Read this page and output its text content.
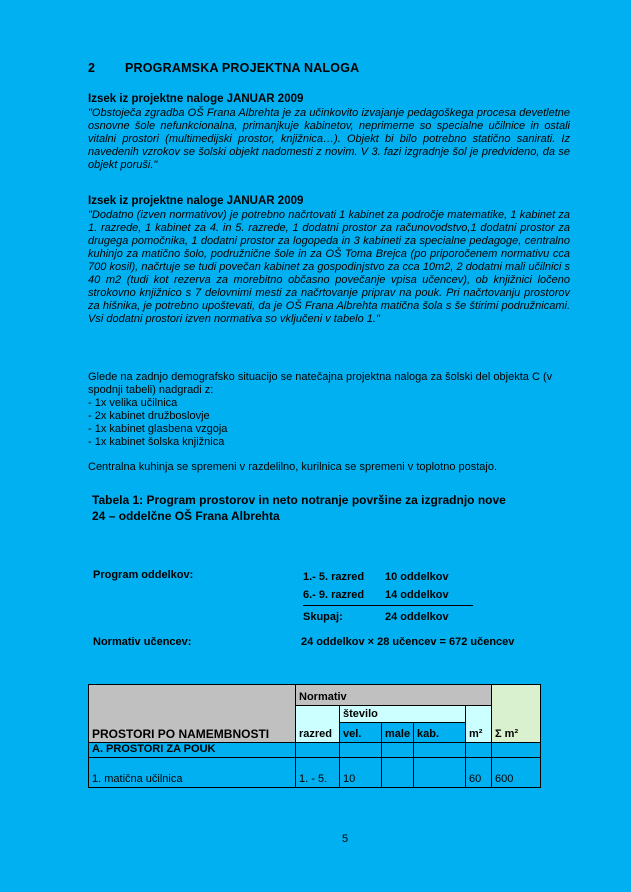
2 PROGRAMSKA PROJEKTNA NALOGA
Izsek iz projektne naloge JANUAR 2009
"Obstoječa zgradba OŠ Frana Albrehta je za učinkovito izvajanje pedagoškega procesa devetletne osnovne šole nefunkcionalna, primanjkuje kabinetov, neprimerne so specialne učilnice in ostali vitalni prostori (multimedijski prostor, knjižnica…). Objekt bi bilo potrebno statično sanirati. Iz navedenih vzrokov se šolski objekt nadomesti z novim. V 3. fazi izgradnje šol je predvideno, da se objekt poruši."
Izsek iz projektne naloge JANUAR 2009
"Dodatno (izven normativov) je potrebno načrtovati 1 kabinet za področje matematike, 1 kabinet za 1. razrede, 1 kabinet za 4. in 5. razrede, 1 dodatni prostor za računovodstvo,1 dodatni prostor za drugega pomočnika, 1 dodatni prostor za logopeda in 3 kabineti za specialne pedagoge, centralno kuhinjo za matično šolo, podružnične šole in za OŠ Toma Brejca (po priporočenem normativu cca 700 kosil), načrtuje se tudi povečan kabinet za gospodinjstvo za cca 10m2, 2 dodatni mali učilnici s 40 m2 (tudi kot rezerva za morebitno občasno povečanje vpisa učencev), ob knjižnici ločeno strokovno knjižnico s 7 delovnimi mesti za načrtovanje priprav na pouk. Pri načrtovanju prostorov za hišnika, je potrebno upoštevati, da je OŠ Frana Albrehta matična šola s še štirimi podružnicami. Vsi dodatni prostori izven normativa so vključeni v tabelo 1."
Glede na zadnjo demografsko situacijo se natečajna projektna naloga za šolski del objekta C (v spodnji tabeli) nadgradi z:
- 1x velika učilnica
- 2x kabinet družboslovje
- 1x kabinet glasbena vzgoja
- 1x kabinet šolska knjižnica
Centralna kuhinja se spremeni v razdelilno, kurilnica se spremeni v toplotno postajo.
Tabela 1: Program prostorov in neto notranje površine za izgradnjo nove
24 – oddelčne OŠ Frana Albrehta
Program oddelkov:	1.- 5. razred 10 oddelkov
6.- 9. razred 14 oddelkov
Skupaj:	24 oddelkov
Normativ učencev:	24 oddelkov × 28 učencev = 672 učencev
PROSTORI PO NAMEMBNOSTI	Normativ					Σ m²
	razred	število			m²	
		vel.	male	kab.		
A. PROSTORI ZA POUK						
1. matična učilnica	1. - 5.	10			60	600
5
